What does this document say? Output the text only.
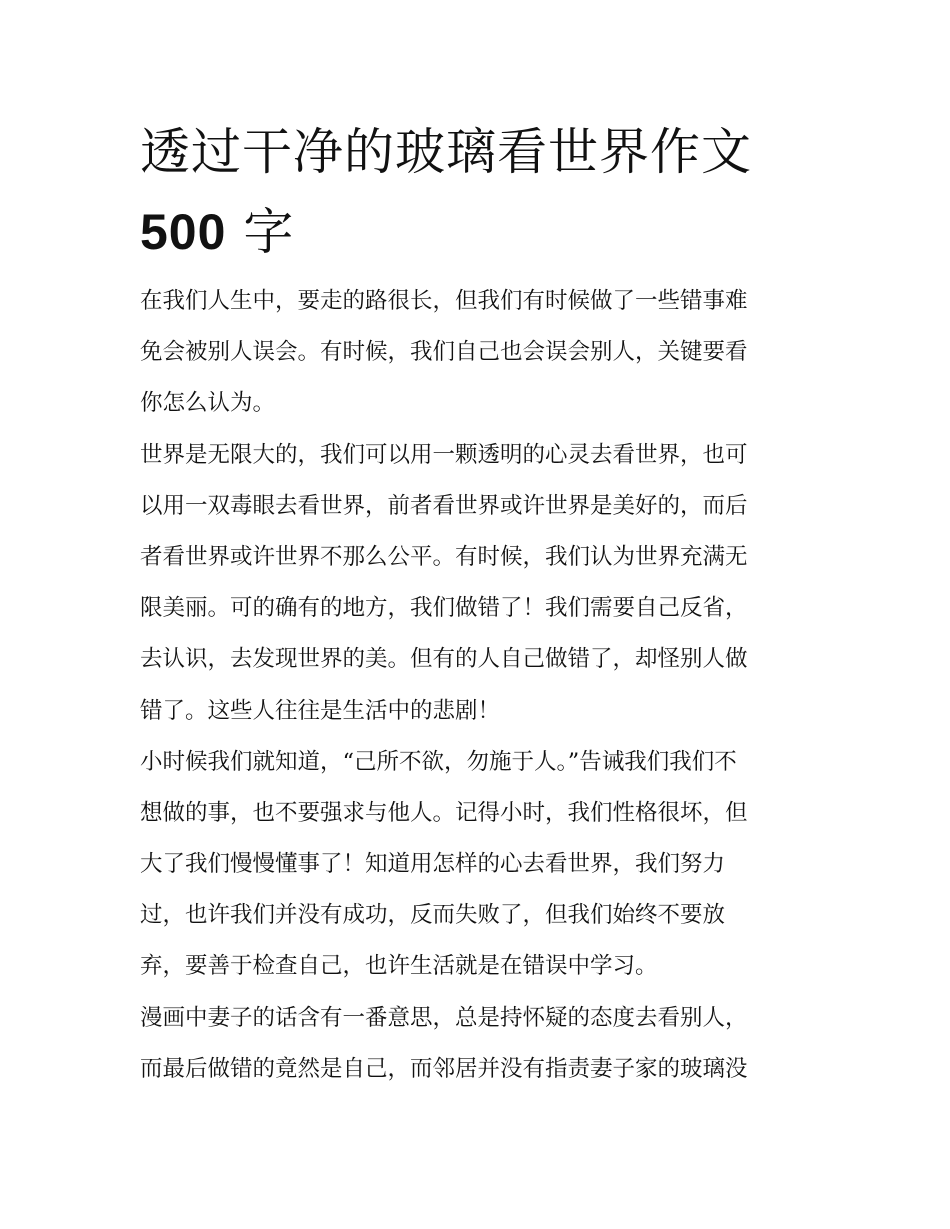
透过干净的玻璃看世界作文
500 字
在我们人生中，要走的路很长，但我们有时候做了一些错事难
免会被别人误会。有时候，我们自己也会误会别人，关键要看
你怎么认为。
世界是无限大的，我们可以用一颗透明的心灵去看世界，也可
以用一双毒眼去看世界，前者看世界或许世界是美好的，而后
者看世界或许世界不那么公平。有时候，我们认为世界充满无
限美丽。可的确有的地方，我们做错了！我们需要自己反省，
去认识，去发现世界的美。但有的人自己做错了，却怪别人做
错了。这些人往往是生活中的悲剧！
小时候我们就知道，“己所不欲，勿施于人。”告诫我们我们不
想做的事，也不要强求与他人。记得小时，我们性格很坏，但
大了我们慢慢懂事了！知道用怎样的心去看世界，我们努力
过，也许我们并没有成功，反而失败了，但我们始终不要放
弃，要善于检查自己，也许生活就是在错误中学习。
漫画中妻子的话含有一番意思，总是持怀疑的态度去看别人，
而最后做错的竟然是自己，而邻居并没有指责妻子家的玻璃没
